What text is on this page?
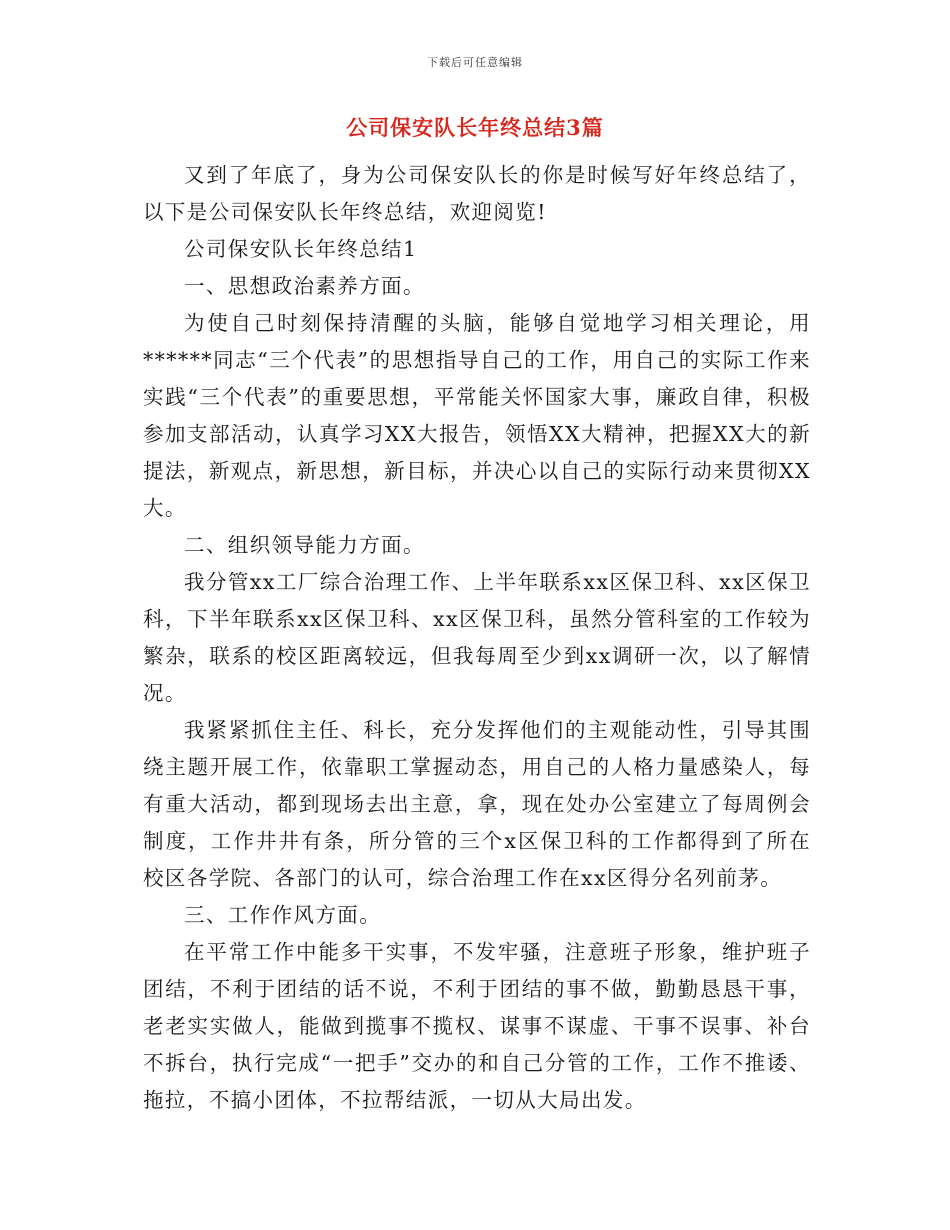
下载后可任意编辑
公司保安队长年终总结3篇

又到了年底了，身为公司保安队长的你是时候写好年终总结了，以下是公司保安队长年终总结，欢迎阅览!

公司保安队长年终总结1

一、思想政治素养方面。

为使自己时刻保持清醒的头脑，能够自觉地学习相关理论，用******同志“三个代表”的思想指导自己的工作，用自己的实际工作来实践“三个代表”的重要思想，平常能关怀国家大事，廉政自律，积极参加支部活动，认真学习XX大报告，领悟XX大精神，把握XX大的新提法，新观点，新思想，新目标，并决心以自己的实际行动来贯彻XX大。

二、组织领导能力方面。

我分管xx工厂综合治理工作、上半年联系xx区保卫科、xx区保卫科，下半年联系xx区保卫科、xx区保卫科，虽然分管科室的工作较为繁杂，联系的校区距离较远，但我每周至少到xx调研一次，以了解情况。

我紧紧抓住主任、科长，充分发挥他们的主观能动性，引导其围绕主题开展工作，依靠职工掌握动态，用自己的人格力量感染人，每有重大活动，都到现场去出主意，拿，现在处办公室建立了每周例会制度，工作井井有条，所分管的三个x区保卫科的工作都得到了所在校区各学院、各部门的认可，综合治理工作在xx区得分名列前茅。

三、工作作风方面。

在平常工作中能多干实事，不发牢骚，注意班子形象，维护班子团结，不利于团结的话不说，不利于团结的事不做，勤勤恳恳干事，老老实实做人，能做到揽事不揽权、谋事不谋虚、干事不误事、补台不拆台，执行完成“一把手”交办的和自己分管的工作，工作不推诿、拖拉，不搞小团体，不拉帮结派，一切从大局出发。
